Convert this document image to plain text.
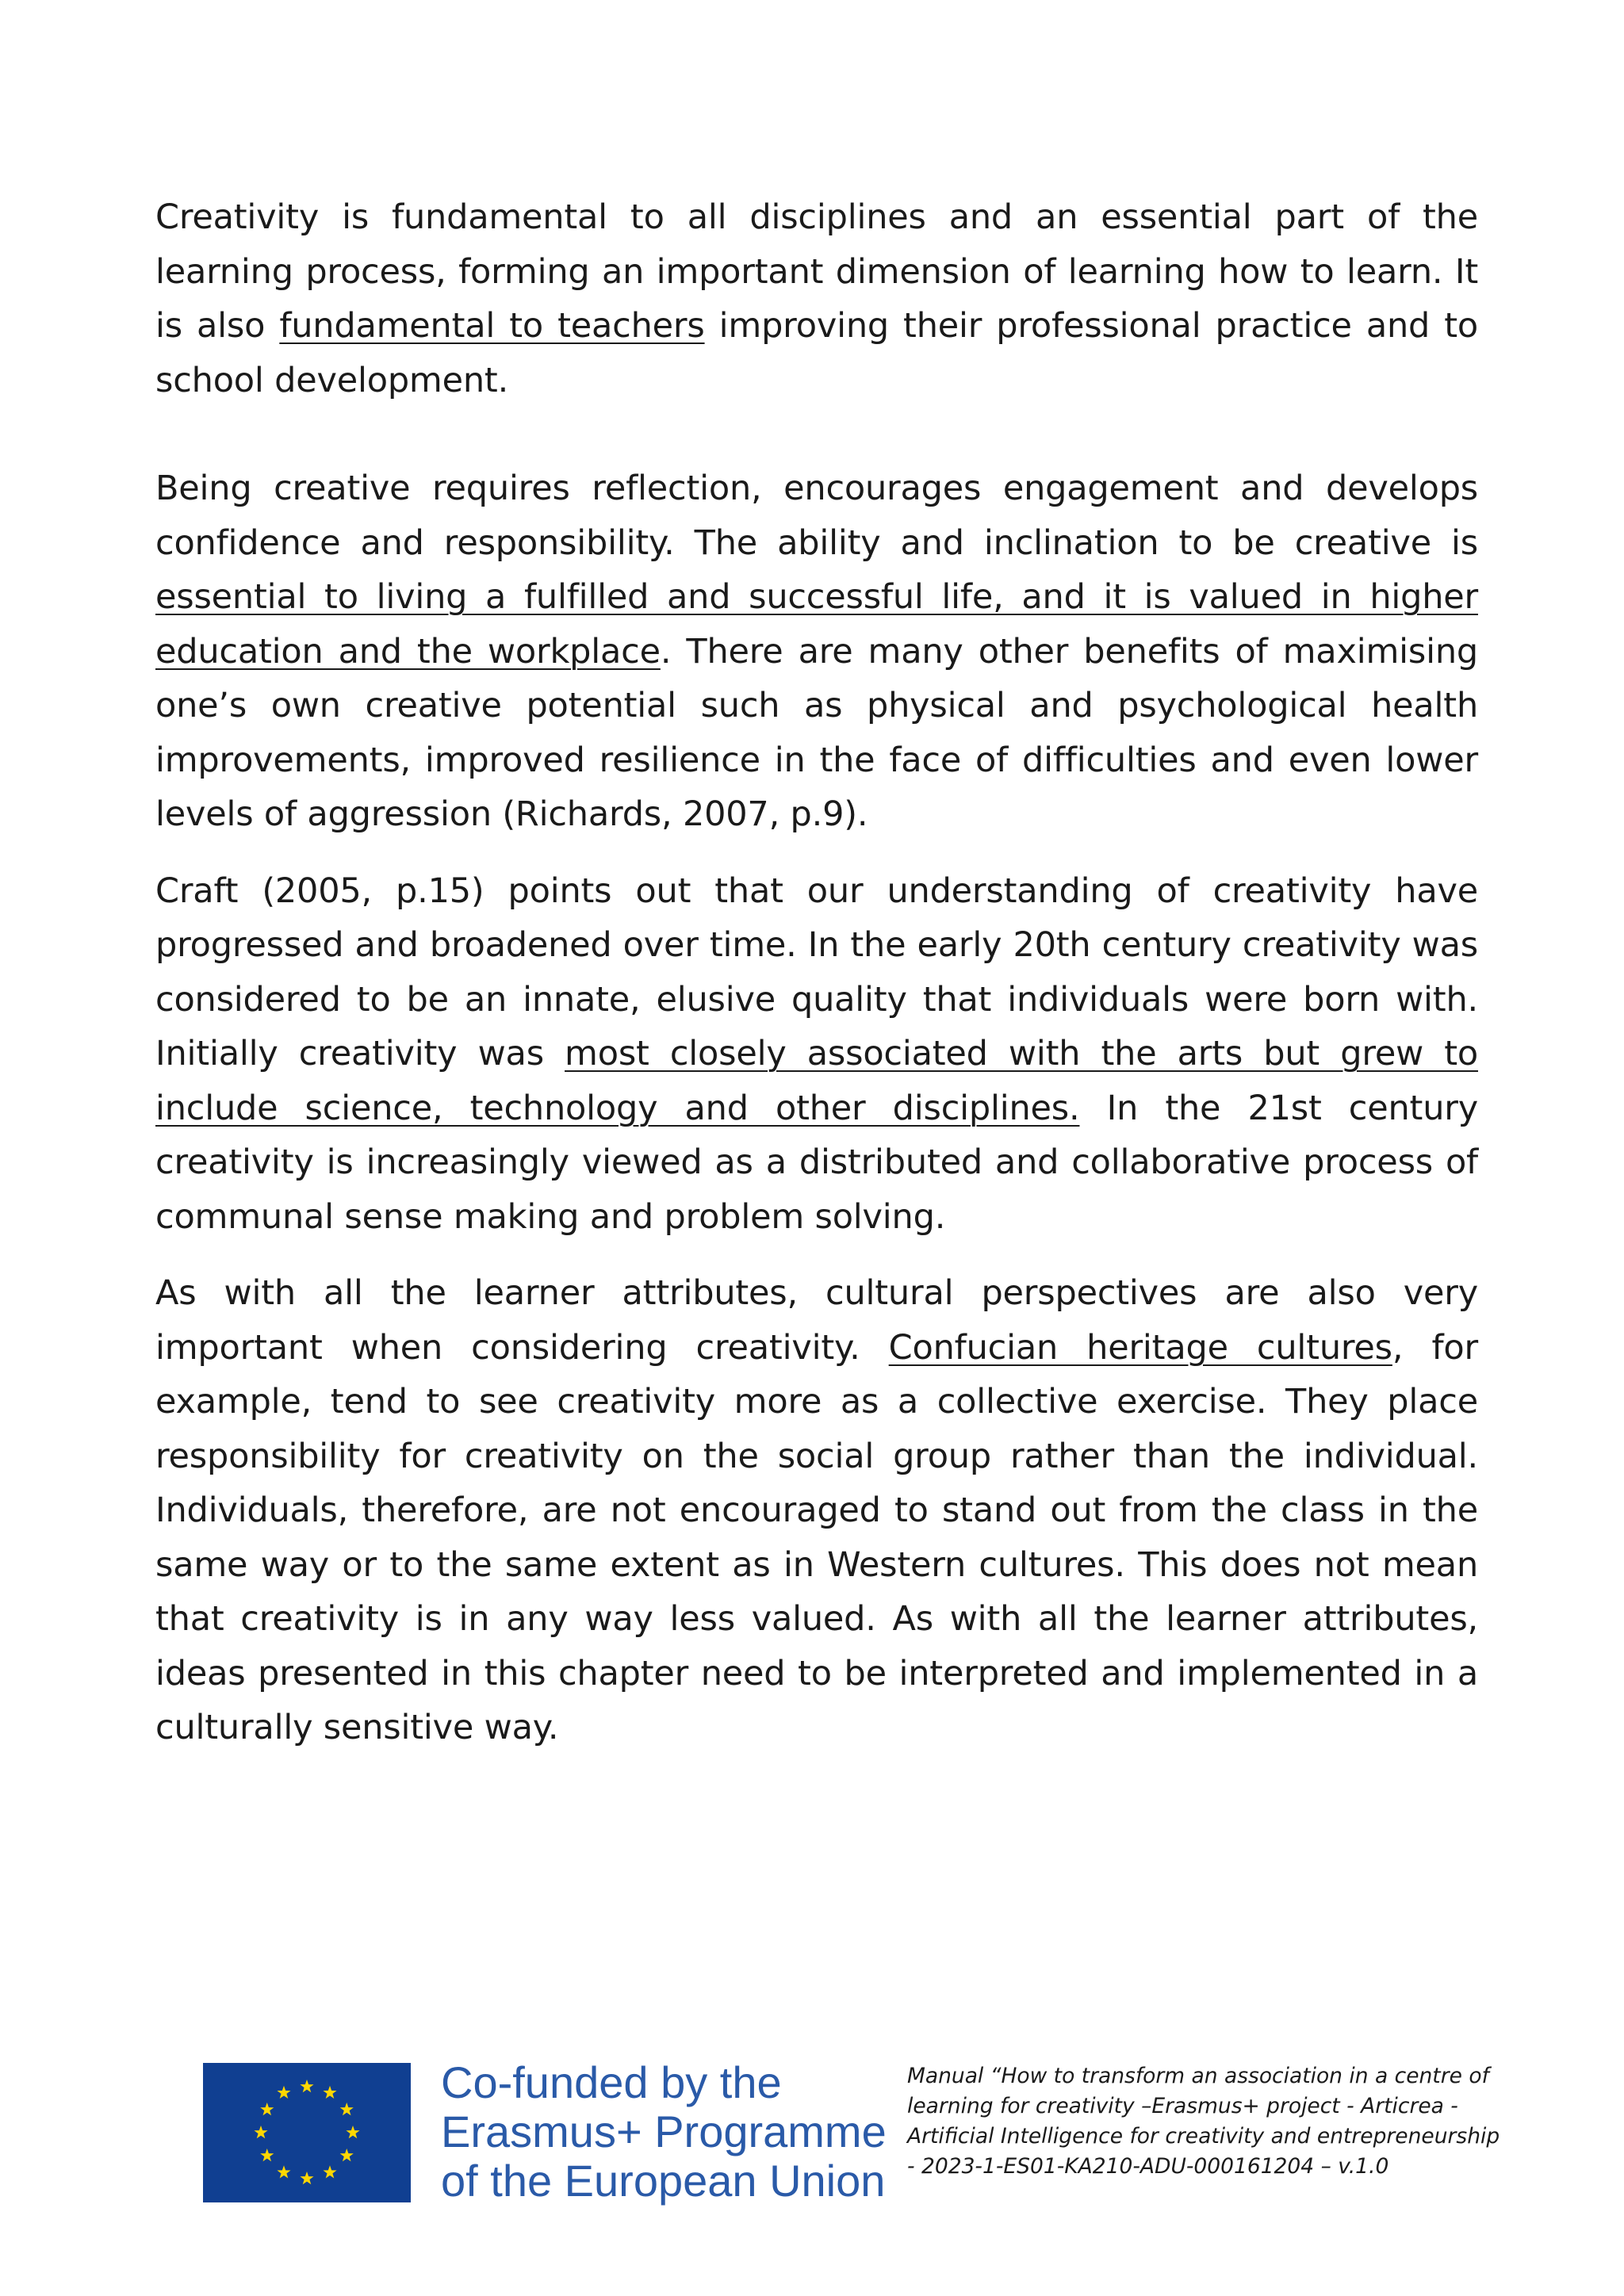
Creativity is fundamental to all disciplines and an essential part of the learning process, forming an important dimension of learning how to learn. It is also fundamental to teachers improving their professional practice and to school development.

Being creative requires reflection, encourages engagement and develops confidence and responsibility. The ability and inclination to be creative is essential to living a fulfilled and successful life, and it is valued in higher education and the workplace. There are many other benefits of maximising one’s own creative potential such as physical and psychological health improvements, improved resilience in the face of difficulties and even lower levels of aggression (Richards, 2007, p.9).

Craft (2005, p.15) points out that our understanding of creativity have progressed and broadened over time. In the early 20th century creativity was considered to be an innate, elusive quality that individuals were born with. Initially creativity was most closely associated with the arts but grew to include science, technology and other disciplines. In the 21st century creativity is increasingly viewed as a distributed and collaborative process of communal sense making and problem solving.

As with all the learner attributes, cultural perspectives are also very important when considering creativity. Confucian heritage cultures, for example, tend to see creativity more as a collective exercise. They place responsibility for creativity on the social group rather than the individual. Individuals, therefore, are not encouraged to stand out from the class in the same way or to the same extent as in Western cultures. This does not mean that creativity is in any way less valued. As with all the learner attributes, ideas presented in this chapter need to be interpreted and implemented in a culturally sensitive way.

Co-funded by the
Erasmus+ Programme
of the European Union
Manual “How to transform an association in a centre of learning for creativity –Erasmus+ project - Articrea - Artificial Intelligence for creativity and entrepreneurship - 2023-1-ES01-KA210-ADU-000161204 – v.1.0
